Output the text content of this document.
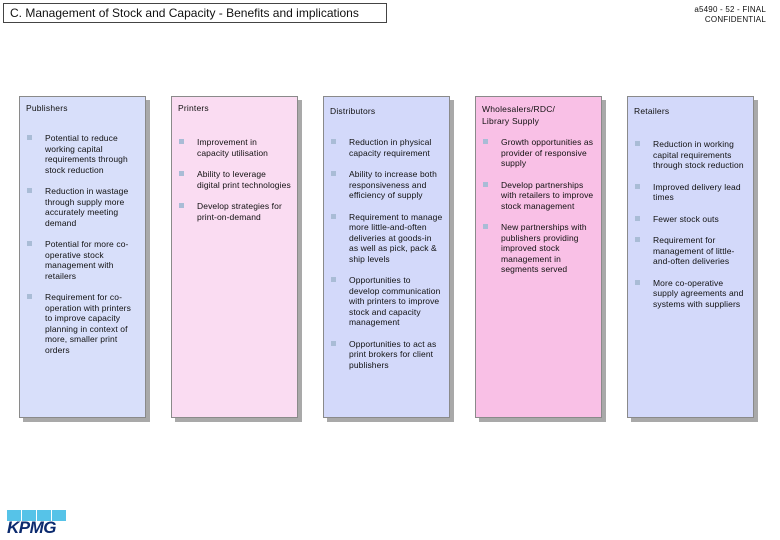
C. Management of Stock and Capacity - Benefits and implications	a5490 - 52 - FINAL
CONFIDENTIAL
Publishers
Potential to reduce working capital requirements through stock reduction
Reduction in wastage through supply more accurately meeting demand
Potential for more co-operative stock management with retailers
Requirement for co-operation with printers to improve capacity planning in context of more, smaller print orders
Printers
Improvement in capacity utilisation
Ability to leverage digital print technologies
Develop strategies for print-on-demand
Distributors
Reduction in physical capacity requirement
Ability to increase both responsiveness and efficiency of supply
Requirement to manage more little-and-often deliveries at goods-in as well as pick, pack & ship levels
Opportunities to develop communication with printers to improve stock and capacity management
Opportunities to act as print brokers for client publishers
Wholesalers/RDC/ Library Supply
Growth opportunities as provider of responsive supply
Develop partnerships with retailers to improve stock management
New partnerships with publishers providing improved stock management in segments served
Retailers
Reduction in working capital requirements through stock reduction
Improved delivery lead times
Fewer stock outs
Requirement for management of little-and-often deliveries
More co-operative supply agreements and systems with suppliers
KPMG
